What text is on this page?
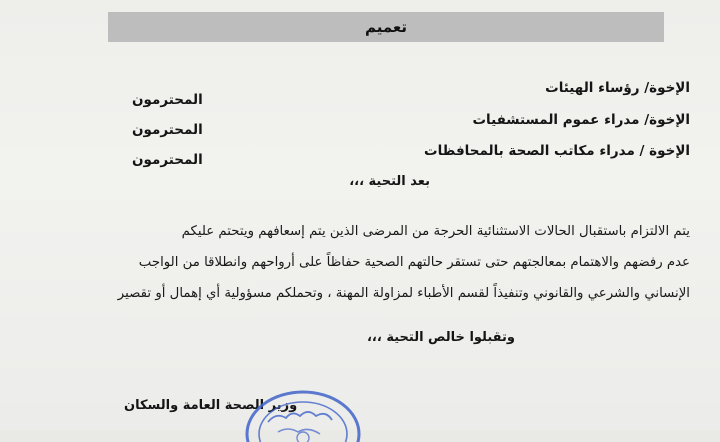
تعميم
الإخوة/ رؤساء الهيئات
المحترمون
الإخوة/ مدراء عموم المستشفيات
المحترمون
الإخوة / مدراء مكاتب الصحة بالمحافظات
المحترمون
بعد التحية ،،،
يتم الالتزام باستقبال الحالات الاستثنائية الحرجة من المرضى الذين يتم إسعافهم ويتحتم عليكم
عدم رفضهم والاهتمام بمعالجتهم حتى تستقر حالتهم الصحية حفاظاً على أرواحهم وانطلاقا من الواجب
الإنساني والشرعي والقانوني وتنفيذاً لقسم الأطباء لمزاولة المهنة ، وتحملكم مسؤولية أي إهمال أو تقصير
وتقبلوا خالص التحية ،،،
وزير الصحة العامة والسكان
